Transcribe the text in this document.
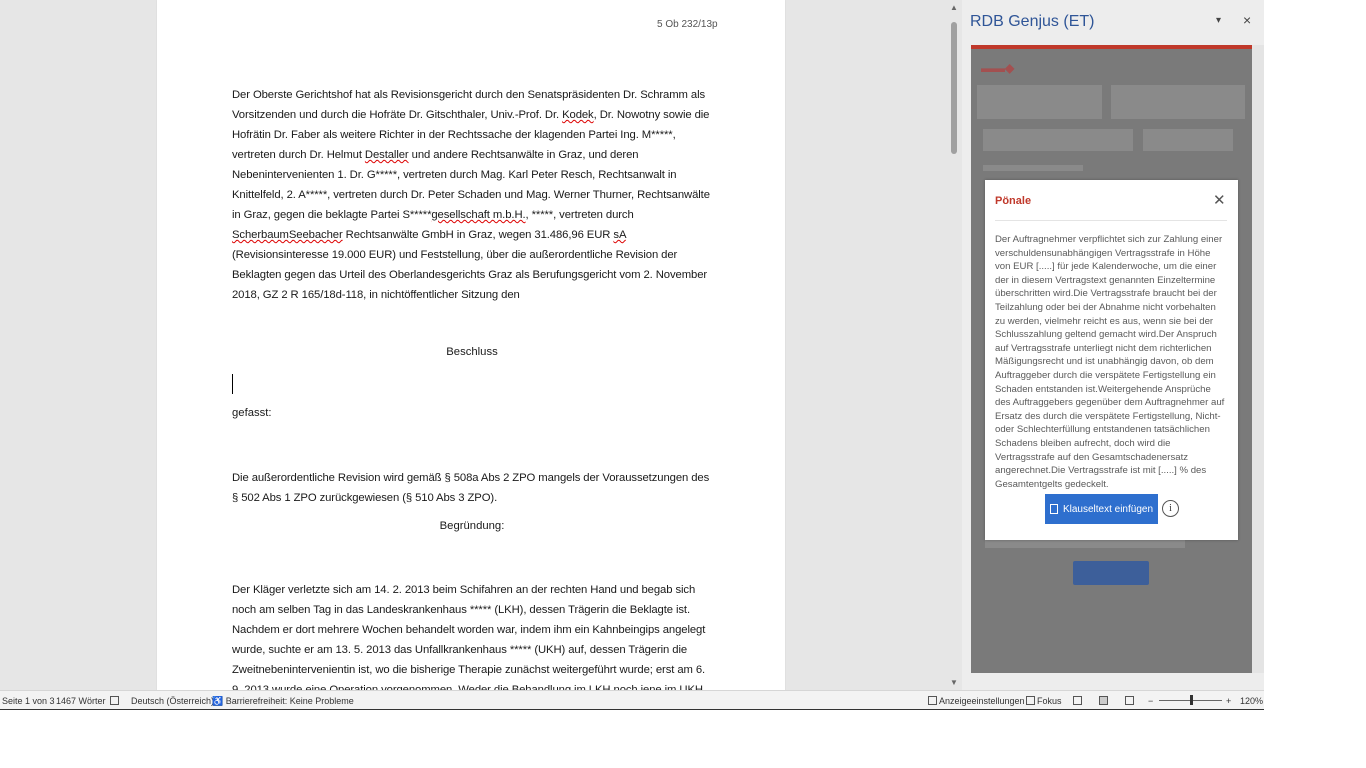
5 Ob 232/13p
Der Oberste Gerichtshof hat als Revisionsgericht durch den Senatspräsidenten Dr. Schramm als Vorsitzenden und durch die Hofräte Dr. Gitschthaler, Univ.-Prof. Dr. Kodek, Dr. Nowotny sowie die Hofrätin Dr. Faber als weitere Richter in der Rechtssache der klagenden Partei Ing. M*****, vertreten durch Dr. Helmut Destaller und andere Rechtsanwälte in Graz, und deren Nebenintervenienten 1. Dr. G*****, vertreten durch Mag. Karl Peter Resch, Rechtsanwalt in Knittelfeld, 2. A*****, vertreten durch Dr. Peter Schaden und Mag. Werner Thurner, Rechtsanwälte in Graz, gegen die beklagte Partei S*****gesellschaft m.b.H., *****, vertreten durch ScherbaumSeebacher Rechtsanwälte GmbH in Graz, wegen 31.486,96 EUR sA (Revisionsinteresse 19.000 EUR) und Feststellung, über die außerordentliche Revision der Beklagten gegen das Urteil des Oberlandesgerichts Graz als Berufungsgericht vom 2. November 2018, GZ 2 R 165/18d-118, in nichtöffentlicher Sitzung den
Beschluss
gefasst:
Die außerordentliche Revision wird gemäß § 508a Abs 2 ZPO mangels der Voraussetzungen des § 502 Abs 1 ZPO zurückgewiesen (§ 510 Abs 3 ZPO).
Begründung:
Der Kläger verletzte sich am 14. 2. 2013 beim Schifahren an der rechten Hand und begab sich noch am selben Tag in das Landeskrankenhaus ***** (LKH), dessen Trägerin die Beklagte ist. Nachdem er dort mehrere Wochen behandelt worden war, indem ihm ein Kahnbeingips angelegt wurde, suchte er am 13. 5. 2013 das Unfallkrankenhaus ***** (UKH) auf, dessen Trägerin die Zweitnebenintervenientin ist, wo die bisherige Therapie zunächst weitergeführt wurde; erst am 6.
▲
▼
RDB Genjus (ET)	▾ ×
▬▬◆
Pönale	✕
Der Auftragnehmer verpflichtet sich zur Zahlung einer verschuldensunabhängigen Vertragsstrafe in Höhe von EUR [.....] für jede Kalenderwoche, um die einer der in diesem Vertragstext genannten Einzeltermine überschritten wird.Die Vertragsstrafe braucht bei der Teilzahlung oder bei der Abnahme nicht vorbehalten zu werden, vielmehr reicht es aus, wenn sie bei der Schlusszahlung geltend gemacht wird.Der Anspruch auf Vertragsstrafe unterliegt nicht dem richterlichen Mäßigungsrecht und ist unabhängig davon, ob dem Auftraggeber durch die verspätete Fertigstellung ein Schaden entstanden ist.Weitergehende Ansprüche des Auftraggebers gegenüber dem Auftragnehmer auf Ersatz des durch die verspätete Fertigstellung, Nicht- oder Schlechterfüllung entstandenen tatsächlichen Schadens bleiben aufrecht, doch wird die Vertragsstrafe auf den Gesamtschadenersatz angerechnet.Die Vertragsstrafe ist mit [.....] % des Gesamtentgelts gedeckelt.
Klauseltext einfügen	i
Seite 1 von 3 1467 Wörter	Deutsch (Österreich)
♿ Barrierefreiheit: Keine Probleme	Anzeigeeinstellungen	Fokus	−	+ 120%
